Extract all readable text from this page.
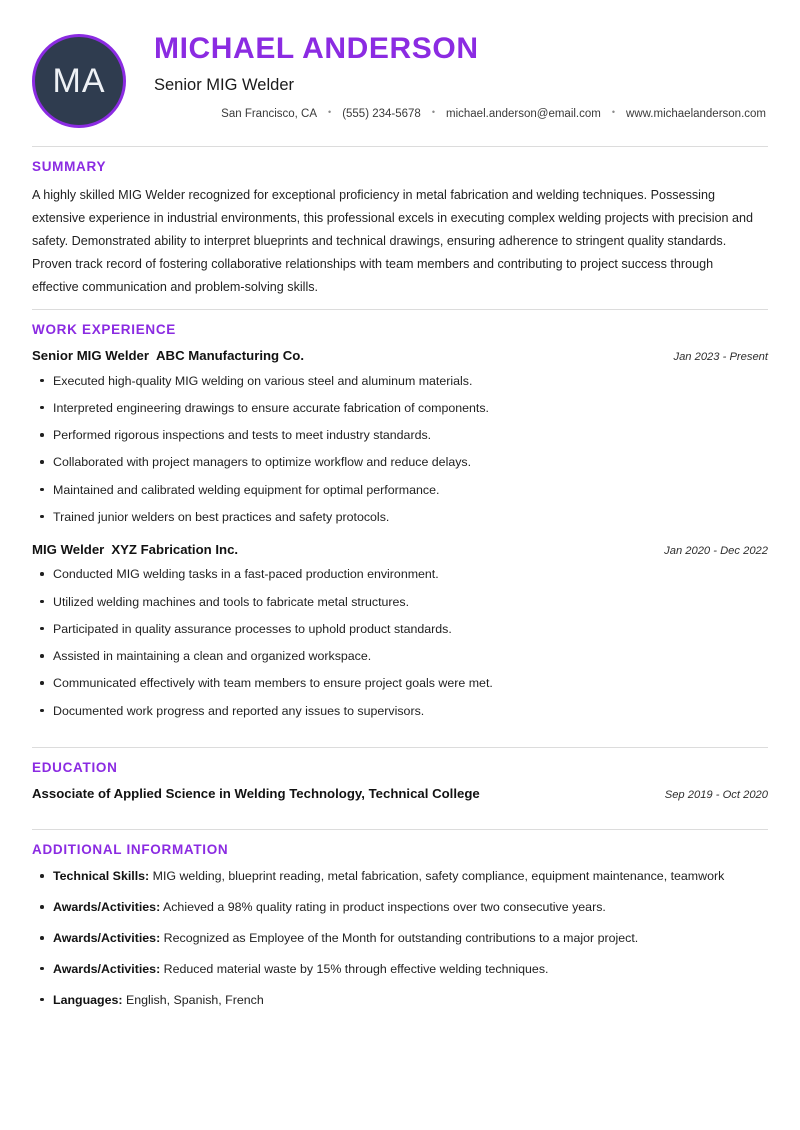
MA
MICHAEL ANDERSON
Senior MIG Welder
San Francisco, CA • (555) 234-5678 • michael.anderson@email.com • www.michaelanderson.com
SUMMARY

A highly skilled MIG Welder recognized for exceptional proficiency in metal fabrication and welding techniques. Possessing extensive experience in industrial environments, this professional excels in executing complex welding projects with precision and safety. Demonstrated ability to interpret blueprints and technical drawings, ensuring adherence to stringent quality standards. Proven track record of fostering collaborative relationships with team members and contributing to project success through effective communication and problem-solving skills.

WORK EXPERIENCE
Senior MIG Welder ABC Manufacturing Co.	Jan 2023 - Present
Executed high-quality MIG welding on various steel and aluminum materials.
Interpreted engineering drawings to ensure accurate fabrication of components.
Performed rigorous inspections and tests to meet industry standards.
Collaborated with project managers to optimize workflow and reduce delays.
Maintained and calibrated welding equipment for optimal performance.
Trained junior welders on best practices and safety protocols.
MIG Welder XYZ Fabrication Inc.	Jan 2020 - Dec 2022
Conducted MIG welding tasks in a fast-paced production environment.
Utilized welding machines and tools to fabricate metal structures.
Participated in quality assurance processes to uphold product standards.
Assisted in maintaining a clean and organized workspace.
Communicated effectively with team members to ensure project goals were met.
Documented work progress and reported any issues to supervisors.
EDUCATION
Associate of Applied Science in Welding Technology, Technical College	Sep 2019 - Oct 2020
ADDITIONAL INFORMATION
Technical Skills: MIG welding, blueprint reading, metal fabrication, safety compliance, equipment maintenance, teamwork
Awards/Activities: Achieved a 98% quality rating in product inspections over two consecutive years.
Awards/Activities: Recognized as Employee of the Month for outstanding contributions to a major project.
Awards/Activities: Reduced material waste by 15% through effective welding techniques.
Languages: English, Spanish, French
